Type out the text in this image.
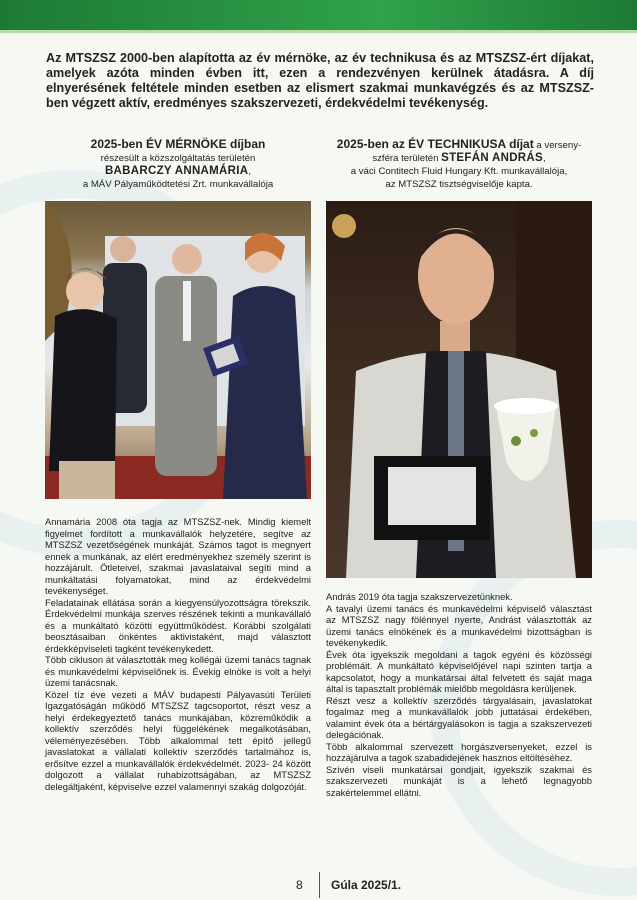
Az MTSZSZ 2000-ben alapította az év mérnöke, az év technikusa és az MTSZSZ-ért díjakat, amelyek azóta minden évben itt, ezen a rendezvényen kerülnek átadásra. A díj elnyerésének feltétele minden esetben az elismert szakmai munkavégzés és az MTSZSZ-ben végzett aktív, eredményes szakszervezeti, érdekvédelmi tevékenység.

2025-ben ÉV MÉRNÖKE díjban
részesült a közszolgáltatás területén
BABARCZY ANNAMÁRIA,
a MÁV Pályaműködtetési Zrt. munkavállalója

2025-ben az ÉV TECHNIKUSA díjat a verseny-
szféra területén STEFÁN ANDRÁS,
a váci Contitech Fluid Hungary Kft. munkavállalója,
az MTSZSZ tisztségviselője kapta.

Annamária 2008 óta tagja az MTSZSZ-nek. Mindig kiemelt figyelmet fordított a munkavállalók helyzetére, segítve az MTSZSZ vezetőségének munkáját. Számos tagot is megnyert ennek a munkának, az elért eredményekhez személy szerint is hozzájárult. Ötleteivel, szakmai javaslataival segíti mind a munkáltatási folyamatokat, mind az érdekvédelmi tevékenységet.

Feladatainak ellátása során a kiegyensúlyozottságra törekszik. Érdekvédelmi munkája szerves részének tekinti a munkavállaló és a munkáltató közötti együttműködést. Korábbi szolgálati beosztásaiban önkéntes aktivistaként, majd választott érdekképviseleti tagként tevékenykedett.

Több cikluson át választották meg kollégái üzemi tanács tagnak és munkavédelmi képviselőnek is. Évekig elnöke is volt a helyi üzemi tanácsnak.

Közel tíz éve vezeti a MÁV budapesti Pályavasúti Területi Igazgatóságán működő MTSZSZ tagcsoportot, részt vesz a helyi érdekegyeztető tanács munkájában, közreműködik a kollektív szerződés helyi függelékének megalkotásában, véleményezésében. Több alkalommal tett építő jellegű javaslatokat a vállalati kollektív szerződés tartalmához is, erősítve ezzel a munkavállalók érdekvédelmét. 2023- 24 között dolgozott a vállalat ruhabizottságában, az MTSZSZ delegáltjaként, képviselve ezzel valamennyi szakág dolgozóját.

András 2019 óta tagja szakszervezetünknek.

A tavalyi üzemi tanács és munkavédelmi képviselő választást az MTSZSZ nagy fölénnyel nyerte, Andrást választották az üzemi tanács elnökének és a munkavédelmi bizottságban is tevékenykedik.

Évek óta igyekszik megoldani a tagok egyéni és közösségi problémáit. A munkáltató képviselőjével napi szinten tartja a kapcsolatot, hogy a munkatársai által felvetett és saját maga által is tapasztalt problémák mielőbb megoldásra kerüljenek.

Részt vesz a kollektív szerződés tárgyalásain, javaslatokat fogalmaz meg a munkavállalók jobb juttatásai érdekében, valamint évek óta a bértárgyalásokon is tagja a szakszervezeti delegációnak.

Több alkalommal szervezett horgászversenyeket, ezzel is hozzájárulva a tagok szabadidejének hasznos eltöltéséhez.

Szívén viseli munkatársai gondjait, igyekszik szakmai és szakszervezeti munkáját is a lehető legnagyobb szakértelemmel ellátni.

8 Gúla 2025/1.
